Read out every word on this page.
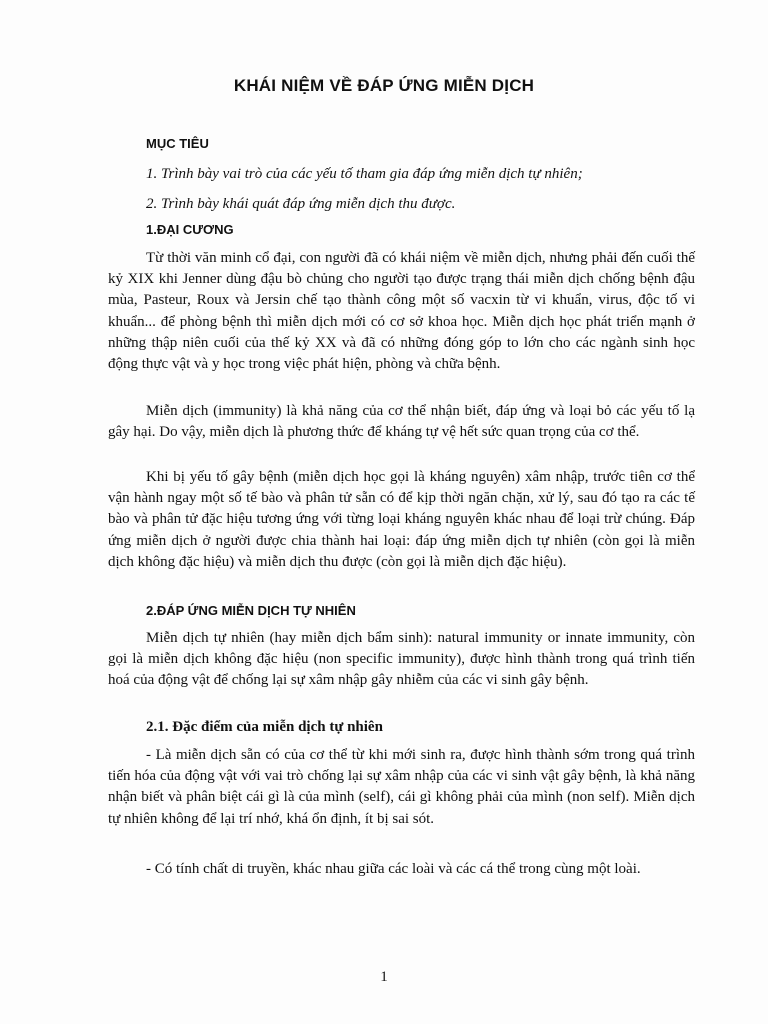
KHÁI NIỆM VỀ ĐÁP ỨNG MIỄN DỊCH
MỤC TIÊU
1. Trình bày vai trò của các yếu tố tham gia đáp ứng miễn dịch tự nhiên;
2. Trình bày khái quát đáp ứng miễn dịch thu được.
1.ĐẠI CƯƠNG

Từ thời văn minh cổ đại, con người đã có khái niệm về miễn dịch, nhưng phải đến cuối thế kỷ XIX khi Jenner dùng đậu bò chủng cho người tạo được trạng thái miễn dịch chống bệnh đậu mùa, Pasteur, Roux và Jersin chế tạo thành công một số vacxin từ vi khuẩn, virus, độc tố vi khuẩn... để phòng bệnh thì miễn dịch mới có cơ sở khoa học. Miễn dịch học phát triển mạnh ở những thập niên cuối của thế kỷ XX và đã có những đóng góp to lớn cho các ngành sinh học động thực vật và y học trong việc phát hiện, phòng và chữa bệnh.

Miễn dịch (immunity) là khả năng của cơ thể nhận biết, đáp ứng và loại bỏ các yếu tố lạ gây hại. Do vậy, miễn dịch là phương thức để kháng tự vệ hết sức quan trọng của cơ thể.

Khi bị yếu tố gây bệnh (miễn dịch học gọi là kháng nguyên) xâm nhập, trước tiên cơ thể vận hành ngay một số tế bào và phân tử sẵn có để kịp thời ngăn chặn, xử lý, sau đó tạo ra các tế bào và phân tử đặc hiệu tương ứng với từng loại kháng nguyên khác nhau để loại trừ chúng. Đáp ứng miễn dịch ở người được chia thành hai loại: đáp ứng miễn dịch tự nhiên (còn gọi là miễn dịch không đặc hiệu) và miễn dịch thu được (còn gọi là miễn dịch đặc hiệu).

2.ĐÁP ỨNG MIỄN DỊCH TỰ NHIÊN

Miễn dịch tự nhiên (hay miễn dịch bẩm sinh): natural immunity or innate immunity, còn gọi là miễn dịch không đặc hiệu (non specific immunity), được hình thành trong quá trình tiến hoá của động vật để chống lại sự xâm nhập gây nhiễm của các vi sinh gây bệnh.

2.1. Đặc điểm của miễn dịch tự nhiên

- Là miễn dịch sẵn có của cơ thể từ khi mới sinh ra, được hình thành sớm trong quá trình tiến hóa của động vật với vai trò chống lại sự xâm nhập của các vi sinh vật gây bệnh, là khả năng nhận biết và phân biệt cái gì là của mình (self), cái gì không phải của mình (non self). Miễn dịch tự nhiên không để lại trí nhớ, khá ổn định, ít bị sai sót.

- Có tính chất di truyền, khác nhau giữa các loài và các cá thể trong cùng một loài.

1
